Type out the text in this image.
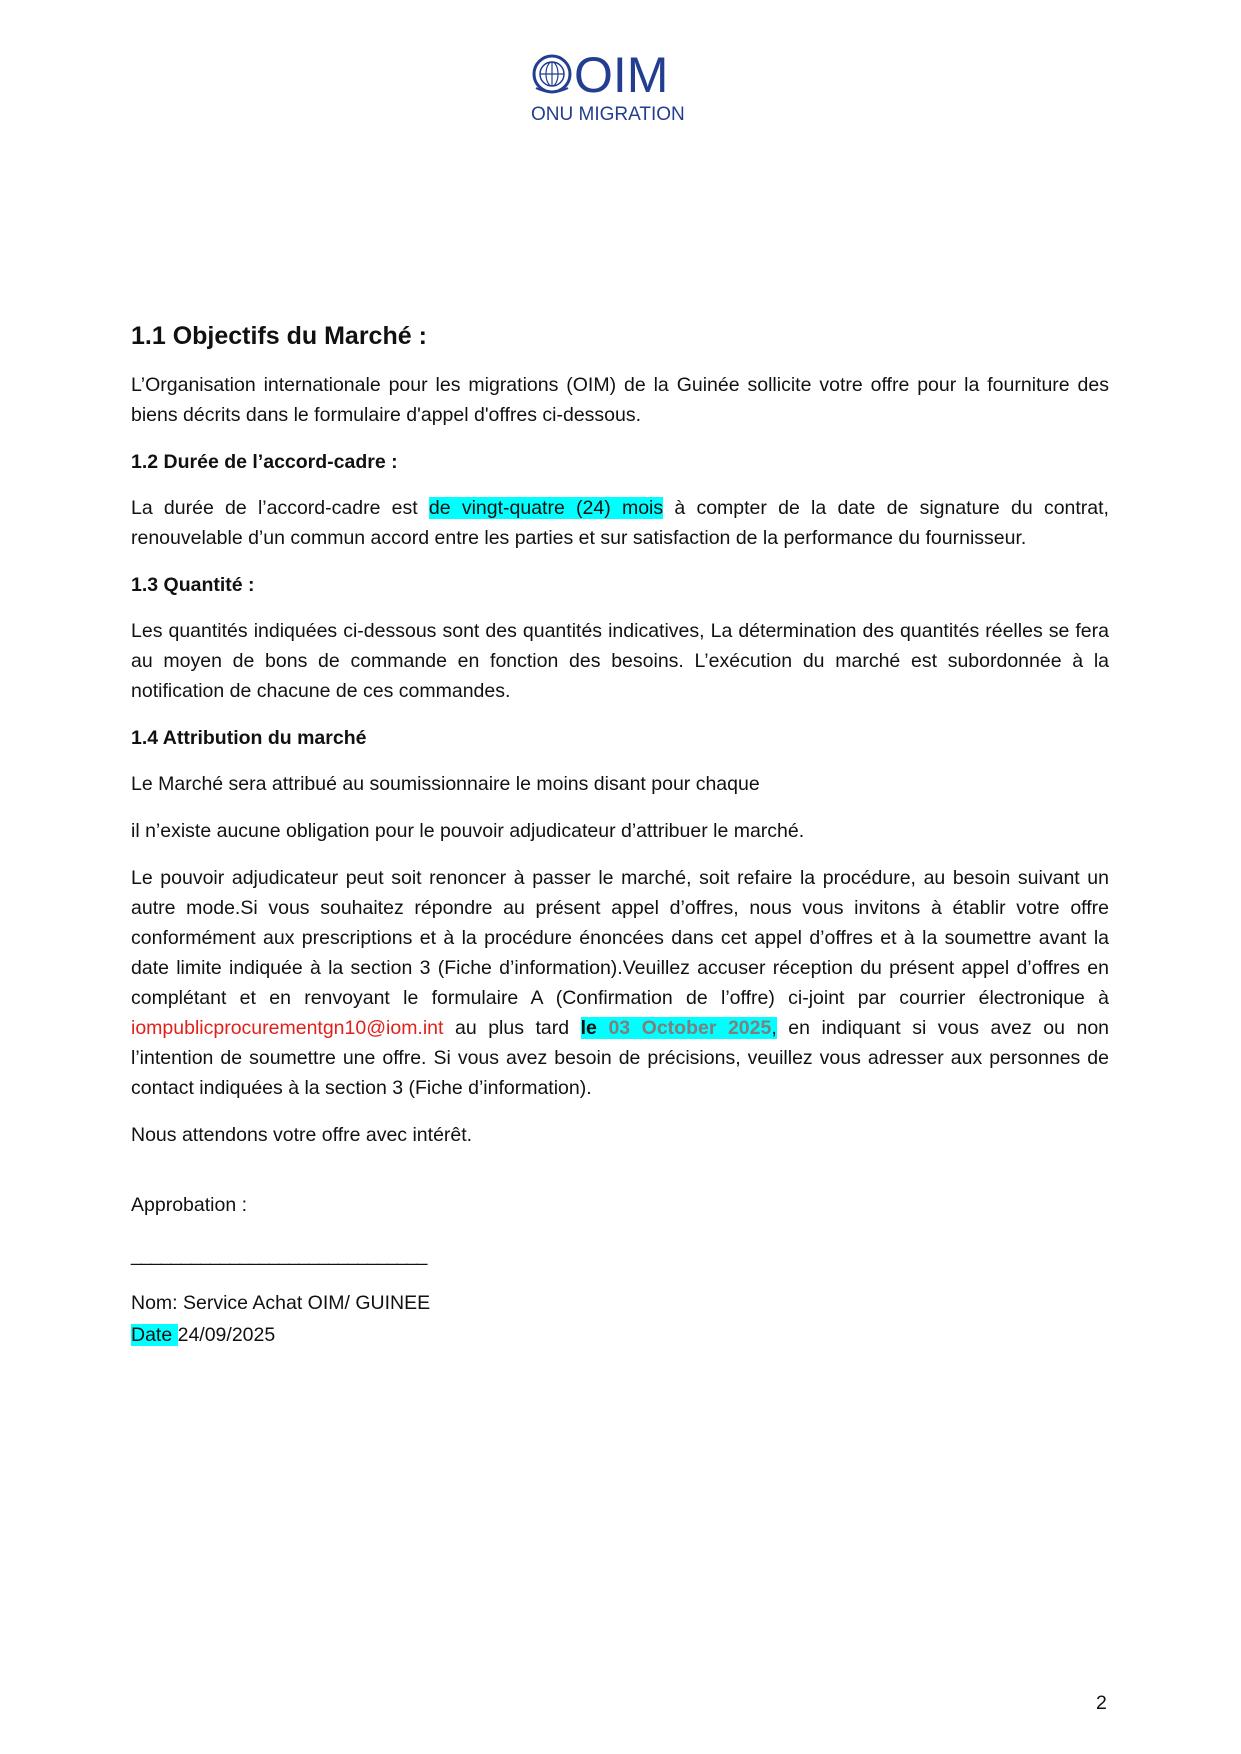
OIM
ONU MIGRATION
1.1 Objectifs du Marché :

L’Organisation internationale pour les migrations (OIM) de la Guinée sollicite votre offre pour la fourniture des biens décrits dans le formulaire d'appel d'offres ci-dessous.

1.2 Durée de l’accord-cadre :

La durée de l’accord-cadre est de vingt-quatre (24) mois à compter de la date de signature du contrat, renouvelable d’un commun accord entre les parties et sur satisfaction de la performance du fournisseur.

1.3 Quantité :

Les quantités indiquées ci-dessous sont des quantités indicatives, La détermination des quantités réelles se fera au moyen de bons de commande en fonction des besoins. L’exécution du marché est subordonnée à la notification de chacune de ces commandes.

1.4 Attribution du marché

Le Marché sera attribué au soumissionnaire le moins disant pour chaque

il n’existe aucune obligation pour le pouvoir adjudicateur d’attribuer le marché.

Le pouvoir adjudicateur peut soit renoncer à passer le marché, soit refaire la procédure, au besoin suivant un autre mode.Si vous souhaitez répondre au présent appel d’offres, nous vous invitons à établir votre offre conformément aux prescriptions et à la procédure énoncées dans cet appel d’offres et à la soumettre avant la date limite indiquée à la section 3 (Fiche d’information).Veuillez accuser réception du présent appel d’offres en complétant et en renvoyant le formulaire A (Confirmation de l’offre) ci-joint par courrier électronique à iompublicprocurementgn10@iom.int au plus tard le 03 October 2025, en indiquant si vous avez ou non l’intention de soumettre une offre. Si vous avez besoin de précisions, veuillez vous adresser aux personnes de contact indiquées à la section 3 (Fiche d’information).

Nous attendons votre offre avec intérêt.

Approbation :

______________________________

Nom: Service Achat OIM/ GUINEE

Date 24/09/2025

2
